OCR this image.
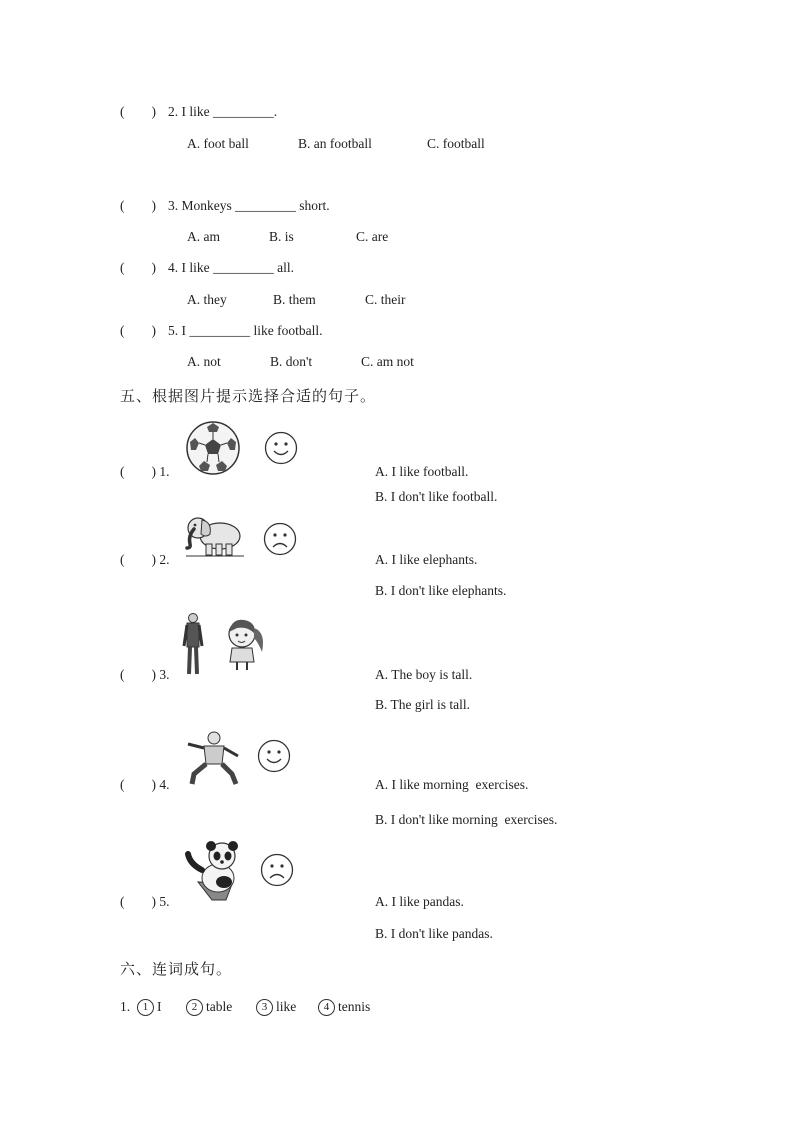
(        ) 2. I like _________.
A. foot ball	B. an football	C. football
(        ) 3. Monkeys _________ short.
A. am	B. is	C. are
(        ) 4. I like _________ all.
A. they	B. them	C. their
(        ) 5. I _________ like football.
A. not	B. don't	C. am not
五、根据图片提示选择合适的句子。
(        ) 1.	A. I like football.
B. I don't like football.
(        ) 2.	A. I like elephants.
B. I don't like elephants.
(        ) 3.	A. The boy is tall.
B. The girl is tall.
(        ) 4.	A. I like morning  exercises.
B. I don't like morning  exercises.
(        ) 5.	A. I like pandas.
B. I don't like pandas.
六、连词成句。
1.	1 I	2 table	3 like	4 tennis
